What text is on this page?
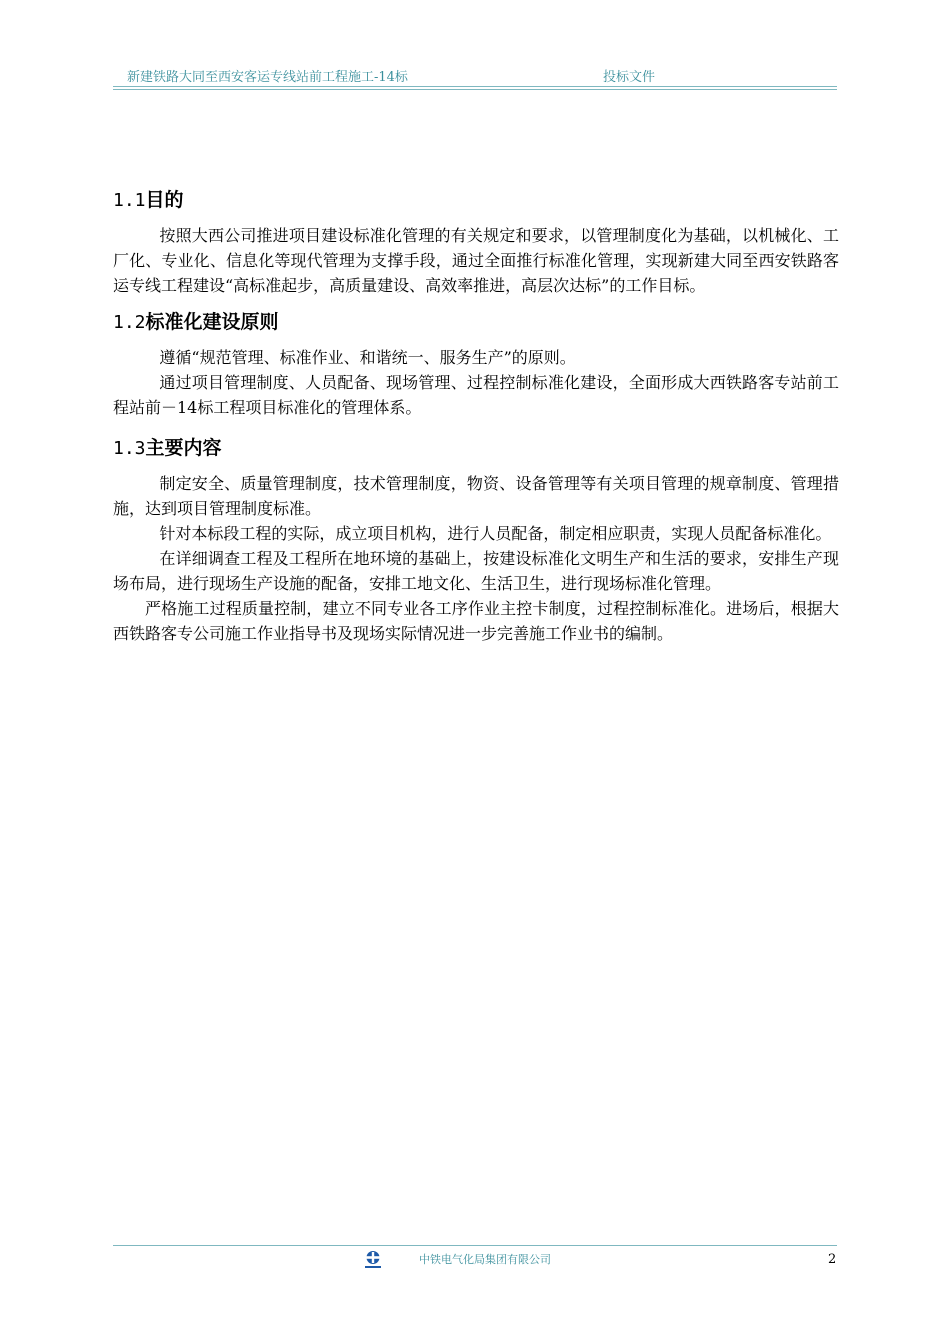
新建铁路大同至西安客运专线站前工程施工-14标	投标文件
1.1目的

按照大西公司推进项目建设标准化管理的有关规定和要求，以管理制度化为基础，以机械化、工厂化、专业化、信息化等现代管理为支撑手段，通过全面推行标准化管理，实现新建大同至西安铁路客运专线工程建设“高标准起步，高质量建设、高效率推进，高层次达标”的工作目标。

1.2标准化建设原则

遵循“规范管理、标准作业、和谐统一、服务生产”的原则。

通过项目管理制度、人员配备、现场管理、过程控制标准化建设，全面形成大西铁路客专站前工程站前－14标工程项目标准化的管理体系。

1.3主要内容

制定安全、质量管理制度，技术管理制度，物资、设备管理等有关项目管理的规章制度、管理措施，达到项目管理制度标准。

针对本标段工程的实际，成立项目机构，进行人员配备，制定相应职责，实现人员配备标准化。

在详细调查工程及工程所在地环境的基础上，按建设标准化文明生产和生活的要求，安排生产现场布局，进行现场生产设施的配备，安排工地文化、生活卫生，进行现场标准化管理。

严格施工过程质量控制，建立不同专业各工序作业主控卡制度，过程控制标准化。进场后，根据大西铁路客专公司施工作业指导书及现场实际情况进一步完善施工作业书的编制。

中铁电气化局集团有限公司	2
